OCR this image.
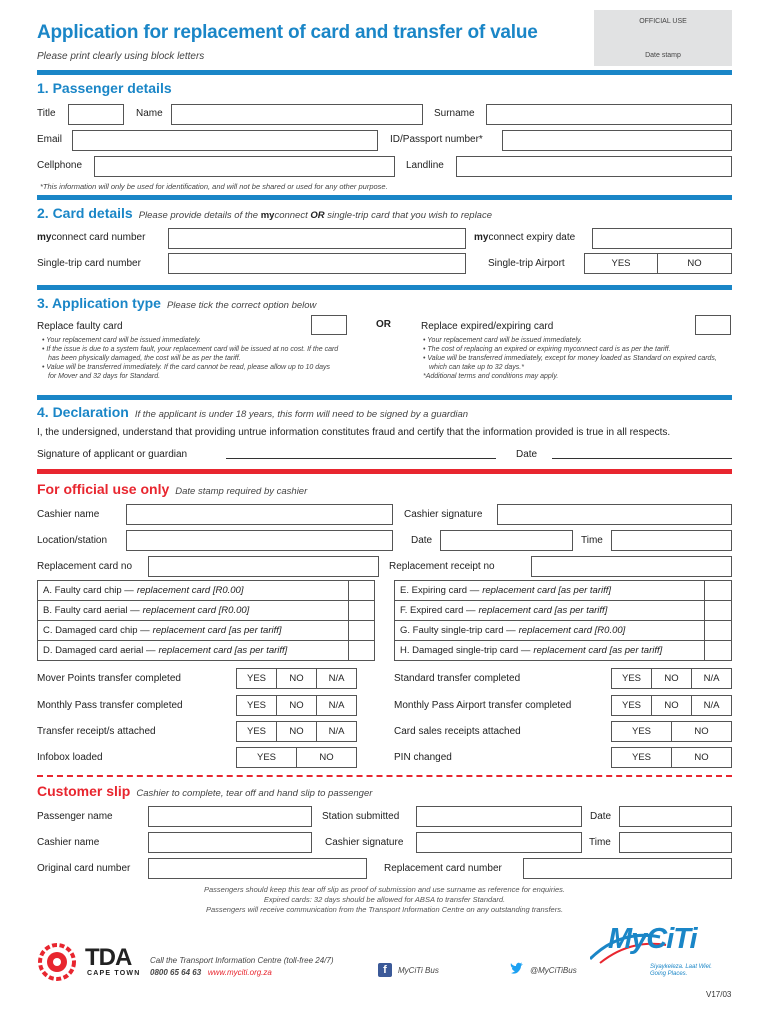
Application for replacement of card and transfer of value
Please print clearly using block letters
OFFICIAL USE
Date stamp
1. Passenger details
Title	Name	Surname
Email	ID/Passport number*
Cellphone	Landline
*This information will only be used for identification, and will not be shared or used for any other purpose.
2. Card details Please provide details of the myconnect OR single-trip card that you wish to replace
myconnect card number	myconnect expiry date
Single-trip card number	Single-trip Airport	YES	NO
3. Application type Please tick the correct option below
Replace faulty card	OR	Replace expired/expiring card
• Your replacement card will be issued immediately.
• If the issue is due to a system fault, your replacement card will be issued at no cost. If the card has been physically damaged, the cost will be as per the tariff.
• Value will be transferred immediately. If the card cannot be read, please allow up to 10 days for Mover and 32 days for Standard.
• Your replacement card will be issued immediately.
• The cost of replacing an expired or expiring myconnect card is as per the tariff.
• Value will be transferred immediately, except for money loaded as Standard on expired cards, which can take up to 32 days.*
*Additional terms and conditions may apply.
4. Declaration If the applicant is under 18 years, this form will need to be signed by a guardian
I, the undersigned, understand that providing untrue information constitutes fraud and certify that the information provided is true in all respects.
Signature of applicant or guardian	Date
For official use only Date stamp required by cashier
Cashier name	Cashier signature
Location/station	Date	Time
Replacement card no	Replacement receipt no
A. Faulty card chip — replacement card [R0.00]
B. Faulty card aerial — replacement card [R0.00]
C. Damaged card chip — replacement card [as per tariff]
D. Damaged card aerial — replacement card [as per tariff]
E. Expiring card — replacement card [as per tariff]
F. Expired card — replacement card [as per tariff]
G. Faulty single-trip card — replacement card [R0.00]
H. Damaged single-trip card — replacement card [as per tariff]
Mover Points transfer completed	YES	NO	N/A
Monthly Pass transfer completed	YES	NO	N/A
Transfer receipt/s attached	YES	NO	N/A
Infobox loaded	YES	NO
Standard transfer completed	YES	NO	N/A
Monthly Pass Airport transfer completed	YES	NO	N/A
Card sales receipts attached	YES	NO
PIN changed	YES	NO
Customer slip Cashier to complete, tear off and hand slip to passenger
Passenger name	Station submitted	Date
Cashier name	Cashier signature	Time
Original card number	Replacement card number
Passengers should keep this tear off slip as proof of submission and use surname as reference for enquiries.
Expired cards: 32 days should be allowed for ABSA to transfer Standard.
Passengers will receive communication from the Transport Information Centre on any outstanding transfers.
TDA
CAPE TOWN
Call the Transport Information Centre (toll-free 24/7)
0800 65 64 63 www.myciti.org.za	f	MyCiTi Bus	@MyCiTiBus
MyCiTi
Siyaykeleza. Laat Wiel.
Going Places.
V17/03
